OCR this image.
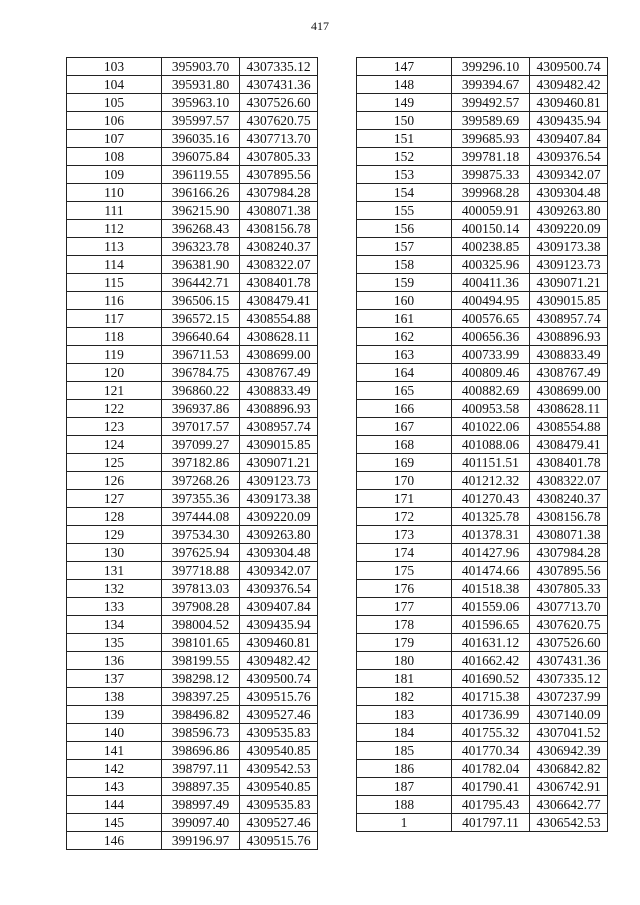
417
103	395903.70	4307335.12
104	395931.80	4307431.36
105	395963.10	4307526.60
106	395997.57	4307620.75
107	396035.16	4307713.70
108	396075.84	4307805.33
109	396119.55	4307895.56
110	396166.26	4307984.28
111	396215.90	4308071.38
112	396268.43	4308156.78
113	396323.78	4308240.37
114	396381.90	4308322.07
115	396442.71	4308401.78
116	396506.15	4308479.41
117	396572.15	4308554.88
118	396640.64	4308628.11
119	396711.53	4308699.00
120	396784.75	4308767.49
121	396860.22	4308833.49
122	396937.86	4308896.93
123	397017.57	4308957.74
124	397099.27	4309015.85
125	397182.86	4309071.21
126	397268.26	4309123.73
127	397355.36	4309173.38
128	397444.08	4309220.09
129	397534.30	4309263.80
130	397625.94	4309304.48
131	397718.88	4309342.07
132	397813.03	4309376.54
133	397908.28	4309407.84
134	398004.52	4309435.94
135	398101.65	4309460.81
136	398199.55	4309482.42
137	398298.12	4309500.74
138	398397.25	4309515.76
139	398496.82	4309527.46
140	398596.73	4309535.83
141	398696.86	4309540.85
142	398797.11	4309542.53
143	398897.35	4309540.85
144	398997.49	4309535.83
145	399097.40	4309527.46
146	399196.97	4309515.76
147	399296.10	4309500.74
148	399394.67	4309482.42
149	399492.57	4309460.81
150	399589.69	4309435.94
151	399685.93	4309407.84
152	399781.18	4309376.54
153	399875.33	4309342.07
154	399968.28	4309304.48
155	400059.91	4309263.80
156	400150.14	4309220.09
157	400238.85	4309173.38
158	400325.96	4309123.73
159	400411.36	4309071.21
160	400494.95	4309015.85
161	400576.65	4308957.74
162	400656.36	4308896.93
163	400733.99	4308833.49
164	400809.46	4308767.49
165	400882.69	4308699.00
166	400953.58	4308628.11
167	401022.06	4308554.88
168	401088.06	4308479.41
169	401151.51	4308401.78
170	401212.32	4308322.07
171	401270.43	4308240.37
172	401325.78	4308156.78
173	401378.31	4308071.38
174	401427.96	4307984.28
175	401474.66	4307895.56
176	401518.38	4307805.33
177	401559.06	4307713.70
178	401596.65	4307620.75
179	401631.12	4307526.60
180	401662.42	4307431.36
181	401690.52	4307335.12
182	401715.38	4307237.99
183	401736.99	4307140.09
184	401755.32	4307041.52
185	401770.34	4306942.39
186	401782.04	4306842.82
187	401790.41	4306742.91
188	401795.43	4306642.77
1	401797.11	4306542.53
